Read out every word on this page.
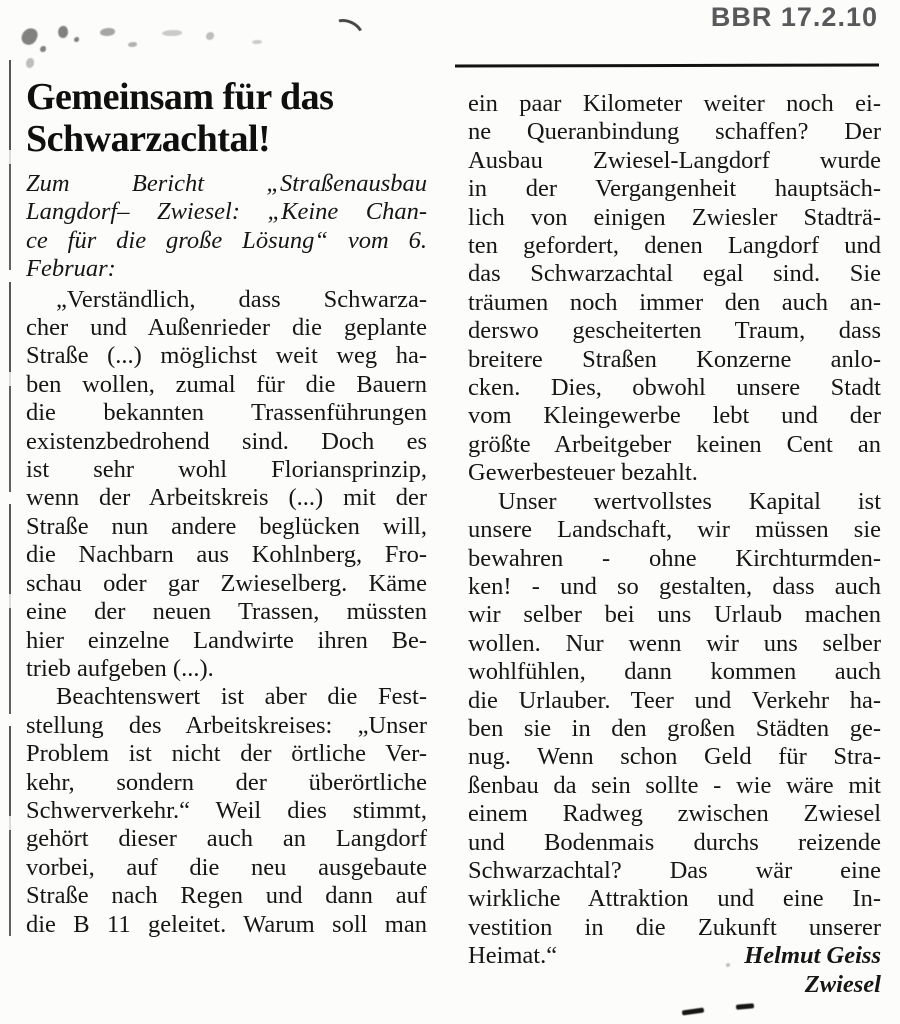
BBR 17.2.10
Gemeinsam für das
Schwarzachtal!
Zum Bericht „Straßenausbau
Langdorf– Zwiesel: „Keine Chan-
ce für die große Lösung“ vom 6.
Februar:
„Verständlich, dass Schwarza-
cher und Außenrieder die geplante
Straße (...) möglichst weit weg ha-
ben wollen, zumal für die Bauern
die bekannten Trassenführungen
existenzbedrohend sind. Doch es
ist sehr wohl Floriansprinzip,
wenn der Arbeitskreis (...) mit der
Straße nun andere beglücken will,
die Nachbarn aus Kohlnberg, Fro-
schau oder gar Zwieselberg. Käme
eine der neuen Trassen, müssten
hier einzelne Landwirte ihren Be-
trieb aufgeben (...).
Beachtenswert ist aber die Fest-
stellung des Arbeitskreises: „Unser
Problem ist nicht der örtliche Ver-
kehr, sondern der überörtliche
Schwerverkehr.“ Weil dies stimmt,
gehört dieser auch an Langdorf
vorbei, auf die neu ausgebaute
Straße nach Regen und dann auf
die B 11 geleitet. Warum soll man
ein paar Kilometer weiter noch ei-
ne Queranbindung schaffen? Der
Ausbau Zwiesel-Langdorf wurde
in der Vergangenheit hauptsäch-
lich von einigen Zwiesler Stadträ-
ten gefordert, denen Langdorf und
das Schwarzachtal egal sind. Sie
träumen noch immer den auch an-
derswo gescheiterten Traum, dass
breitere Straßen Konzerne anlo-
cken. Dies, obwohl unsere Stadt
vom Kleingewerbe lebt und der
größte Arbeitgeber keinen Cent an
Gewerbesteuer bezahlt.
Unser wertvollstes Kapital ist
unsere Landschaft, wir müssen sie
bewahren - ohne Kirchturmden-
ken! - und so gestalten, dass auch
wir selber bei uns Urlaub machen
wollen. Nur wenn wir uns selber
wohlfühlen, dann kommen auch
die Urlauber. Teer und Verkehr ha-
ben sie in den großen Städten ge-
nug. Wenn schon Geld für Stra-
ßenbau da sein sollte - wie wäre mit
einem Radweg zwischen Zwiesel
und Bodenmais durchs reizende
Schwarzachtal? Das wär eine
wirkliche Attraktion und eine In-
vestition in die Zukunft unserer
Heimat.“	Helmut Geiss
Zwiesel
